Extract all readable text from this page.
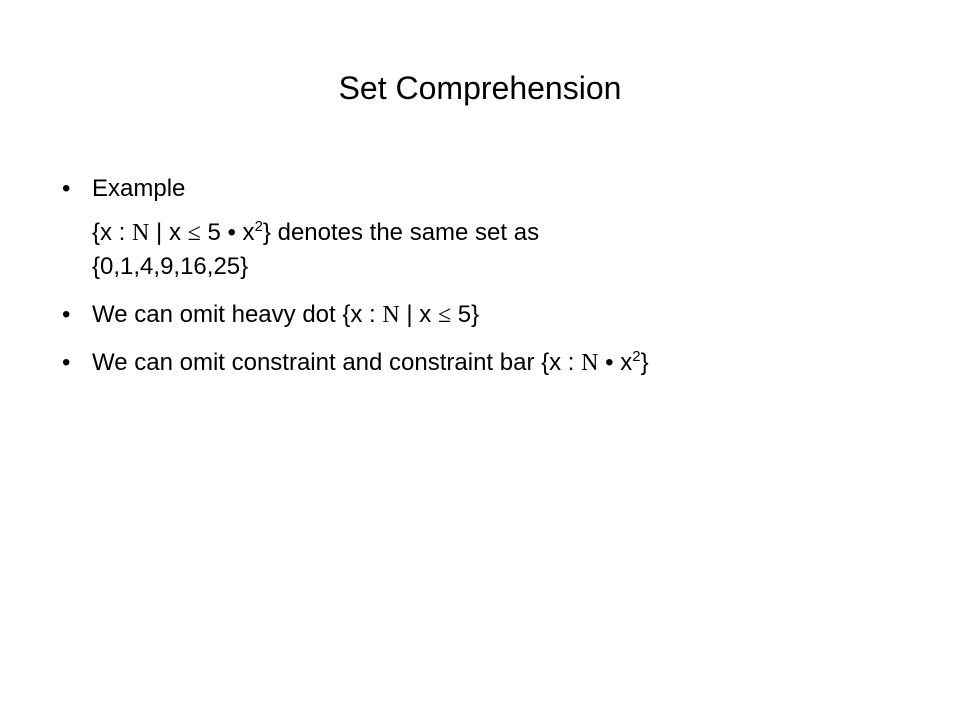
Set Comprehension
• Example
{x : N | x ≤ 5 • $x^2$} denotes the same set as
{0,1,4,9,16,25}
• We can omit heavy dot {x : N | x ≤ 5}
• We can omit constraint and constraint bar {x : N • $x^2$}
